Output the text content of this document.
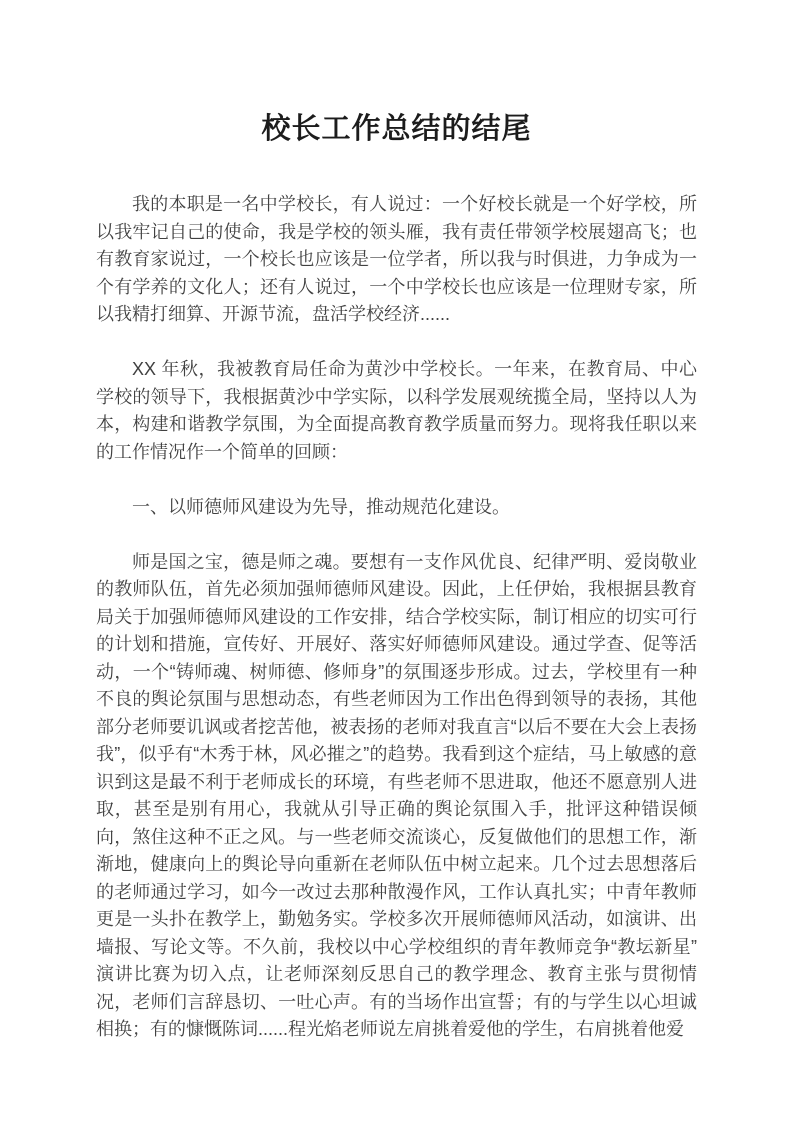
校长工作总结的结尾

我的本职是一名中学校长，有人说过：一个好校长就是一个好学校，所以我牢记自己的使命，我是学校的领头雁，我有责任带领学校展翅高飞；也有教育家说过，一个校长也应该是一位学者，所以我与时俱进，力争成为一个有学养的文化人；还有人说过，一个中学校长也应该是一位理财专家，所以我精打细算、开源节流，盘活学校经济......

XX 年秋，我被教育局任命为黄沙中学校长。一年来，在教育局、中心学校的领导下，我根据黄沙中学实际，以科学发展观统揽全局，坚持以人为本，构建和谐教学氛围，为全面提高教育教学质量而努力。现将我任职以来的工作情况作一个简单的回顾：

一、以师德师风建设为先导，推动规范化建设。

师是国之宝，德是师之魂。要想有一支作风优良、纪律严明、爱岗敬业的教师队伍，首先必须加强师德师风建设。因此，上任伊始，我根据县教育局关于加强师德师风建设的工作安排，结合学校实际，制订相应的切实可行的计划和措施，宣传好、开展好、落实好师德师风建设。通过学查、促等活动，一个“铸师魂、树师德、修师身”的氛围逐步形成。过去，学校里有一种不良的舆论氛围与思想动态，有些老师因为工作出色得到领导的表扬，其他部分老师要讥讽或者挖苦他，被表扬的老师对我直言“以后不要在大会上表扬我”，似乎有“木秀于林，风必摧之”的趋势。我看到这个症结，马上敏感的意识到这是最不利于老师成长的环境，有些老师不思进取，他还不愿意别人进取，甚至是别有用心，我就从引导正确的舆论氛围入手，批评这种错误倾向，煞住这种不正之风。与一些老师交流谈心，反复做他们的思想工作，渐渐地，健康向上的舆论导向重新在老师队伍中树立起来。几个过去思想落后的老师通过学习，如今一改过去那种散漫作风，工作认真扎实；中青年教师更是一头扑在教学上，勤勉务实。学校多次开展师德师风活动，如演讲、出墙报、写论文等。不久前，我校以中心学校组织的青年教师竞争“教坛新星”演讲比赛为切入点，让老师深刻反思自己的教学理念、教育主张与贯彻情况，老师们言辞恳切、一吐心声。有的当场作出宣誓；有的与学生以心坦诚相换；有的慷慨陈词......程光焰老师说左肩挑着爱他的学生，右肩挑着他爱
